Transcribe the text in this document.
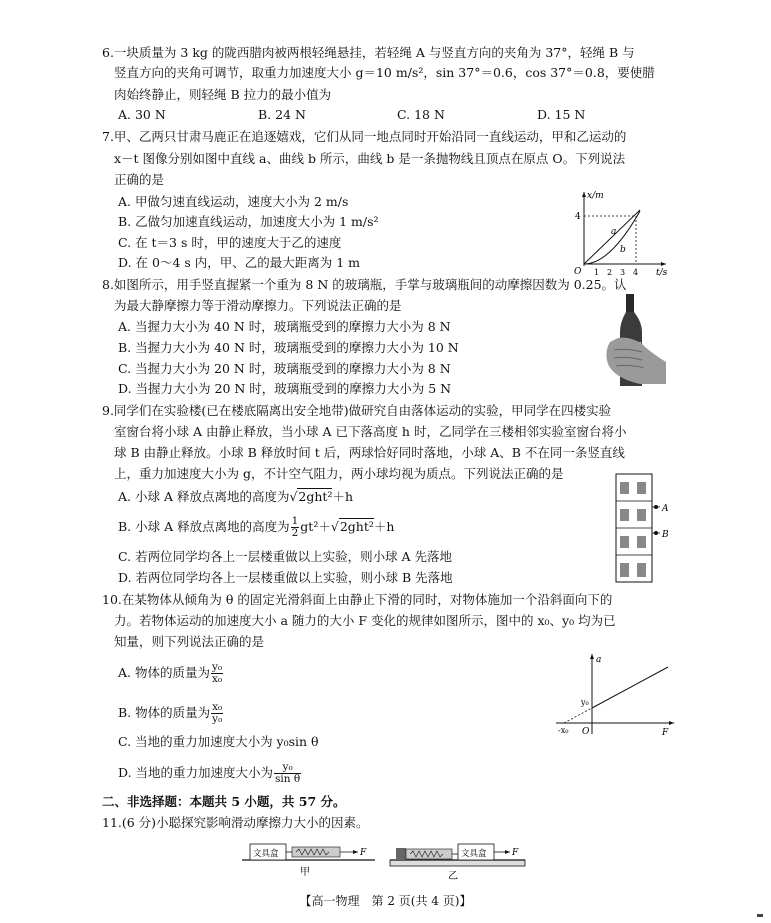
6.一块质量为 3 kg 的陇西腊肉被两根轻绳悬挂，若轻绳 A 与竖直方向的夹角为 37°，轻绳 B 与
竖直方向的夹角可调节，取重力加速度大小 g＝10 m/s²，sin 37°＝0.6，cos 37°＝0.8，要使腊
肉始终静止，则轻绳 B 拉力的最小值为
A. 30 N	B. 24 N	C. 18 N	D. 15 N
7.甲、乙两只甘肃马鹿正在追逐嬉戏，它们从同一地点同时开始沿同一直线运动，甲和乙运动的
x－t 图像分别如图中直线 a、曲线 b 所示，曲线 b 是一条抛物线且顶点在原点 O。下列说法
正确的是
A. 甲做匀速直线运动，速度大小为 2 m/s
B. 乙做匀加速直线运动，加速度大小为 1 m/s²
C. 在 t＝3 s 时，甲的速度大于乙的速度
D. 在 0～4 s 内，甲、乙的最大距离为 1 m
x/m
t/s
O
4
1 2 3 4
a
b
8.如图所示，用手竖直握紧一个重为 8 N 的玻璃瓶，手掌与玻璃瓶间的动摩擦因数为 0.25。认
为最大静摩擦力等于滑动摩擦力。下列说法正确的是
A. 当握力大小为 40 N 时，玻璃瓶受到的摩擦力大小为 8 N
B. 当握力大小为 40 N 时，玻璃瓶受到的摩擦力大小为 10 N
C. 当握力大小为 20 N 时，玻璃瓶受到的摩擦力大小为 8 N
D. 当握力大小为 20 N 时，玻璃瓶受到的摩擦力大小为 5 N
9.同学们在实验楼(已在楼底隔离出安全地带)做研究自由落体运动的实验，甲同学在四楼实验
室窗台将小球 A 由静止释放，当小球 A 已下落高度 h 时，乙同学在三楼相邻实验室窗台将小
球 B 由静止释放。小球 B 释放时间 t 后，两球恰好同时落地，小球 A、B 不在同一条竖直线
上，重力加速度大小为 g，不计空气阻力，两小球均视为质点。下列说法正确的是
A. 小球 A 释放点离地的高度为√2ght²＋h
B. 小球 A 释放点离地的高度为 $\frac{1}{2} gt^2+√2ght^2+h$
C. 若两位同学均各上一层楼重做以上实验，则小球 A 先落地
D. 若两位同学均各上一层楼重做以上实验，则小球 B 先落地
A
B
10.在某物体从倾角为 θ 的固定光滑斜面上由静止下滑的同时，对物体施加一个沿斜面向下的
力。若物体运动的加速度大小 a 随力的大小 F 变化的规律如图所示，图中的 x₀、y₀ 均为已
知量，则下列说法正确的是
A. 物体的质量为 $\frac{\text{y₀}}{\text{x₀}}$
B. 物体的质量为 $\frac{\text{x₀}}{\text{y₀}}$
C. 当地的重力加速度大小为 y₀sin θ
D. 当地的重力加速度大小为 $\frac{\text{y₀}}{\text{sin θ}}$
a
F
O
y₀
-x₀
二、非选择题：本题共 5 小题，共 57 分。
11.(6 分)小聪探究影响滑动摩擦力大小的因素。
文具盒	F
甲
文具盒	F
乙
【高一物理　第 2 页(共 4 页)】
